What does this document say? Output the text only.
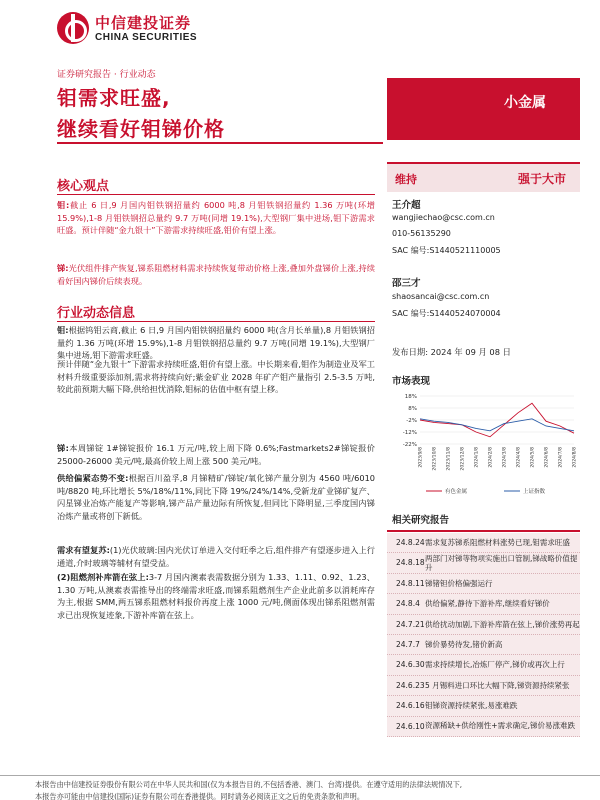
中信建投证券
CHINA SECURITIES
证券研究报告 · 行业动态
钼需求旺盛,
继续看好钼锑价格
小金属
核心观点
钼:截止 6 日,9 月国内钼铁钢招量约 6000 吨,8 月钼铁钢招量约 1.36 万吨(环增 15.9%),1-8 月钼铁钢招总量约 9.7 万吨(同增 19.1%),大型钢厂集中进场,钼下游需求旺盛。预计伴随“金九银十”下游需求持续旺盛,钼价有望上涨。
锑:光伏组件排产恢复,锑系阻燃材料需求持续恢复带动价格上涨,叠加外盘锑价上涨,持续看好国内锑价后续表现。
行业动态信息
钼:根据钨钼云商,截止 6 日,9 月国内钼铁钢招量约 6000 吨(含月长单量),8 月钼铁钢招量约 1.36 万吨(环增 15.9%),1-8 月钼铁钢招总量约 9.7 万吨(同增 19.1%),大型钢厂集中进场,钼下游需求旺盛。
预计伴随“金九银十”下游需求持续旺盛,钼价有望上涨。中长期来看,钼作为制造业及军工材料升级重要添加剂,需求将持续向好;紫金矿业 2028 年矿产钼产量指引 2.5-3.5 万吨,较此前预期大幅下降,供给担忧消除,钼标的估值中枢有望上移。
锑:本周锑锭 1#锑锭报价 16.1 万元/吨,较上周下降 0.6%;Fastmarkets2#锑锭报价 25000-26000 美元/吨,最高价较上周上涨 500 美元/吨。
供给偏紧态势不变:根据百川盈孚,8 月锑精矿/锑锭/氧化锑产量分别为 4560 吨/6010 吨/8820 吨,环比增长 5%/18%/11%,同比下降 19%/24%/14%,受新龙矿业锑矿复产、闪星锑业冶炼产能复产等影响,锑产品产量边际有所恢复,但同比下降明显,三季度国内锑冶炼产量或将创下新低。
需求有望复苏:(1)光伏玻璃:国内光伏订单进入交付旺季之后,组件排产有望逐步进入上行通道,介时玻璃等辅材有望受益。
(2)阻燃剂补库箭在弦上:3-7 月国内澳素表需数据分别为 1.33、1.11、0.92、1.23、1.30 万吨,从澳素表需推导出的终端需求旺盛,而锑系阻燃剂生产企业此前多以消耗库存为主,根据 SMM,两五锑系阻燃材料报价再度上涨 1000 元/吨,侧面体现出锑系阻燃剂需求已出现恢复迹象,下游补库箭在弦上。
维持	强于大市
王介超
wangjiechao@csc.com.cn
010-56135290
SAC 编号:S1440521110005
邵三才
shaosancai@csc.com.cn
SAC 编号:S1440524070004
发布日期: 2024 年 09 月 08 日
市场表现
18%
8%
-2%
-12%
-22%
2023/9/8 2023/10/8 2023/11/8 2023/12/8 2024/1/8 2024/2/8 2024/3/8 2024/4/8 2024/5/8 2024/6/8 2024/7/8 2024/8/8
有色金属	上证指数
相关研究报告
24.8.24 需求复苏锑系阻燃材料涨势已现,钼需求旺盛
24.8.18
两部门对锑等物项实施出口管制,锑战略价值提升
24.8.11 锑锗钽价格偏强运行
24.8.4 供给偏紧,静待下游补库,继续看好锑价
24.7.21 供给扰动加剧,下游补库箭在弦上,锑价涨势再起
24.7.7 锑价暴势待发,锗价新高
24.6.30 需求持续增长,冶炼厂停产,锑价或再次上行
24.6.23 5 月锡料进口环比大幅下降,锑资源持续紧张
24.6.16 钼锑资源持续紧张,易涨难跌
24.6.10 资源稀缺+供给刚性+需求确定,锑价易涨难跌
本报告由中信建投证券股份有限公司在中华人民共和国(仅为本报告目的,不包括香港、澳门、台湾)提供。在遵守适用的法律法规情况下,
本报告亦可能由中信建投(国际)证券有限公司在香港提供。同时请务必阅读正文之后的免责条款和声明。
